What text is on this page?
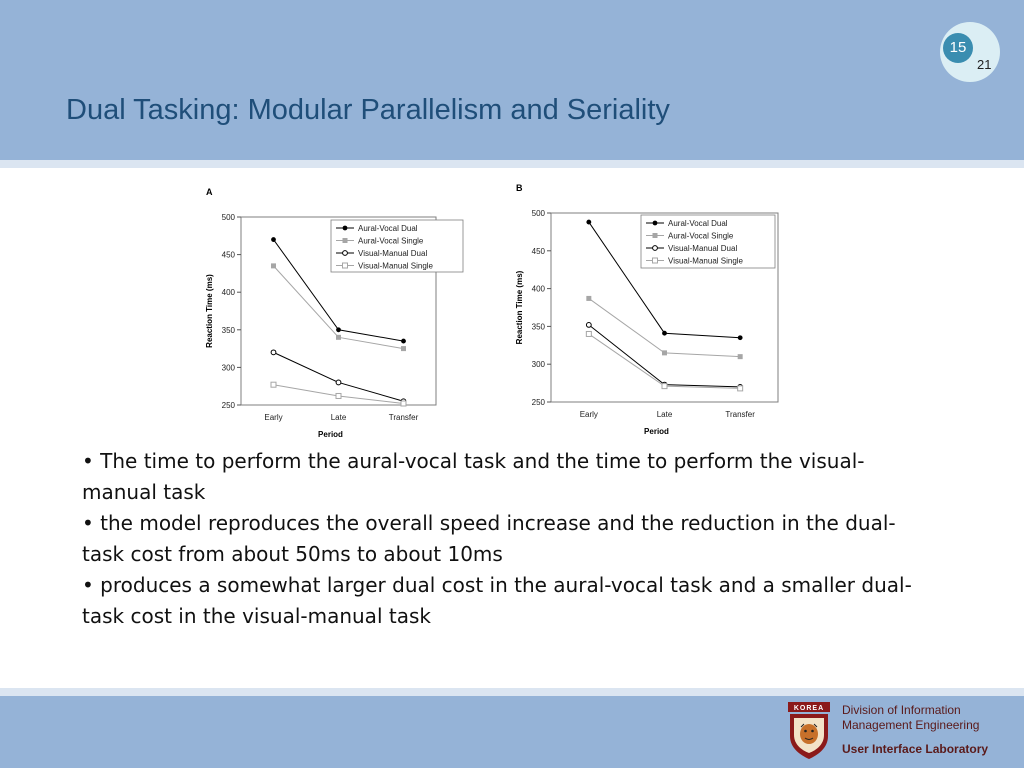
Dual Tasking: Modular Parallelism and Seriality
15
21
A
250
300
350
400
450
500
Early	Late	Transfer
Period
Reaction Time (ms)
Aural-Vocal Dual
Aural-Vocal Single
Visual-Manual Dual
Visual-Manual Single
B
250
300
350
400
450
500
Early	Late	Transfer
Period
Reaction Time (ms)
Aural-Vocal Dual
Aural-Vocal Single
Visual-Manual Dual
Visual-Manual Single

• The time to perform the aural-vocal task and the time to perform the visual-manual task

• the model reproduces the overall speed increase and the reduction in the dual-task cost from about 50ms to about 10ms

• produces a somewhat larger dual cost in the aural-vocal task and a smaller dual-task cost in the visual-manual task

KOREA Division of Information
Management Engineering
User Interface Laboratory
